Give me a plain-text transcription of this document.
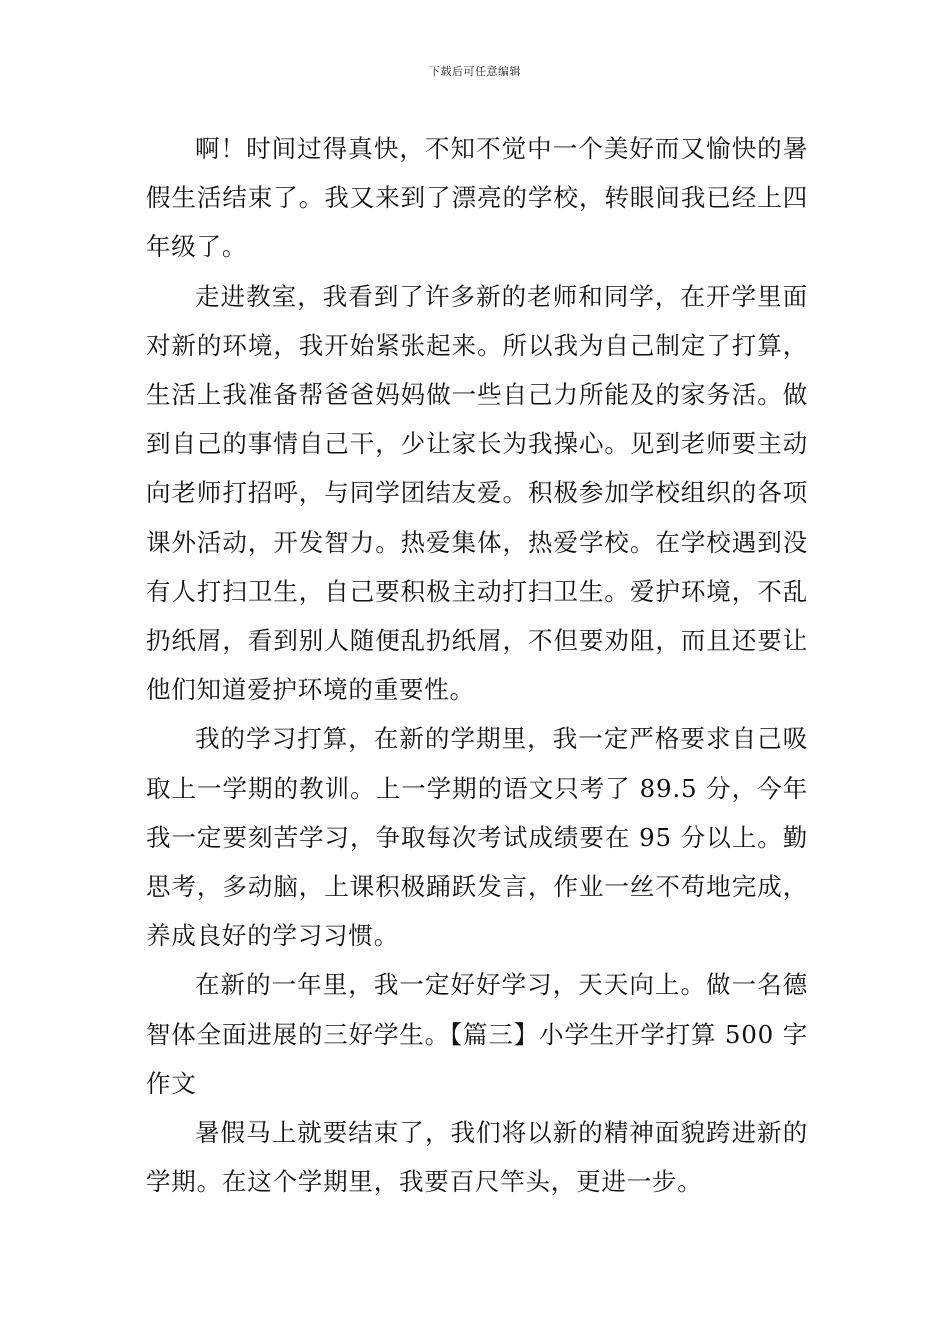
下载后可任意编辑

啊！时间过得真快，不知不觉中一个美好而又愉快的暑假生活结束了。我又来到了漂亮的学校，转眼间我已经上四年级了。

走进教室，我看到了许多新的老师和同学，在开学里面对新的环境，我开始紧张起来。所以我为自己制定了打算，生活上我准备帮爸爸妈妈做一些自己力所能及的家务活。做到自己的事情自己干，少让家长为我操心。见到老师要主动向老师打招呼，与同学团结友爱。积极参加学校组织的各项课外活动，开发智力。热爱集体，热爱学校。在学校遇到没有人打扫卫生，自己要积极主动打扫卫生。爱护环境，不乱扔纸屑，看到别人随便乱扔纸屑，不但要劝阻，而且还要让他们知道爱护环境的重要性。

我的学习打算，在新的学期里，我一定严格要求自己吸取上一学期的教训。上一学期的语文只考了 89.5 分，今年我一定要刻苦学习，争取每次考试成绩要在 95 分以上。勤思考，多动脑，上课积极踊跃发言，作业一丝不苟地完成，养成良好的学习习惯。

在新的一年里，我一定好好学习，天天向上。做一名德智体全面进展的三好学生。【篇三】小学生开学打算 500 字作文

暑假马上就要结束了，我们将以新的精神面貌跨进新的学期。在这个学期里，我要百尺竿头，更进一步。
